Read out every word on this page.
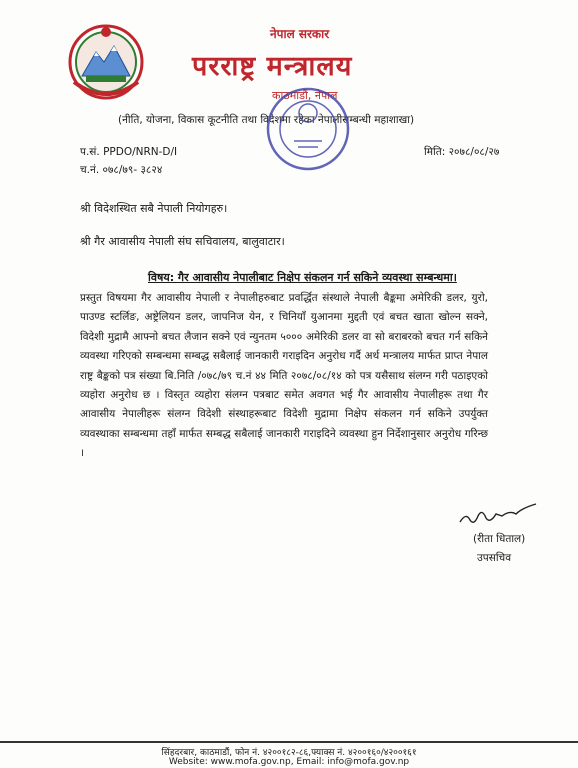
नेपाल सरकार
परराष्ट्र मन्त्रालय
काठमाडौं, नेपाल
(नीति, योजना, विकास कूटनीति तथा विदेशमा रहेका नेपालीसम्बन्धी महाशाखा)
प.सं. PPDO/NRN-D/I
च.नं. ०७८/७९- ३८२४
मिति: २०७८/०८/२७
श्री विदेशस्थित सबै नेपाली नियोगहरु।
श्री गैर आवासीय नेपाली संघ सचिवालय, बालुवाटार।
विषय: गैर आवासीय नेपालीबाट निक्षेप संकलन गर्न सकिने व्यवस्था सम्बन्धमा।
प्रस्तुत विषयमा गैर आवासीय नेपाली र नेपालीहरुबाट प्रवर्द्धित संस्थाले नेपाली बैङ्कमा अमेरिकी डलर, युरो, पाउण्ड स्टर्लिङ, अष्ट्रेलियन डलर, जापनिज येन, र चिनियाँ युआनमा मुद्दती एवं बचत खाता खोल्न सक्ने, विदेशी मुद्रामै आफ्नो बचत लैजान सक्ने एवं न्युनतम ५००० अमेरिकी डलर वा सो बराबरको बचत गर्न सकिने व्यवस्था गरिएको सम्बन्धमा सम्बद्ध सबैलाई जानकारी गराइदिन अनुरोध गर्दै अर्थ मन्त्रालय मार्फत प्राप्त नेपाल राष्ट्र बैङ्कको पत्र संख्या बि.निति /०७८/७९ च.नं ४४ मिति २०७८/०८/१४ को पत्र यसैसाथ संलग्न गरी पठाइएको व्यहोरा अनुरोध छ । विस्तृत व्यहोरा संलग्न पत्रबाट समेत अवगत भई गैर आवासीय नेपालीहरू तथा गैर आवासीय नेपालीहरू संलग्न विदेशी संस्थाहरूबाट विदेशी मुद्रामा निक्षेप संकलन गर्न सकिने उपर्युक्त व्यवस्थाका सम्बन्धमा तहाँ मार्फत सम्बद्ध सबैलाई जानकारी गराइदिने व्यवस्था हुन निर्देशानुसार अनुरोध गरिन्छ ।
(रीता धिताल)
उपसचिव
सिंहदरबार, काठमाडौं, फोन नं. ४२००१८२-८६,फ्याक्स नं. ४२००१६०/४२००१६१
Website: www.mofa.gov.np, Email: info@mofa.gov.np
